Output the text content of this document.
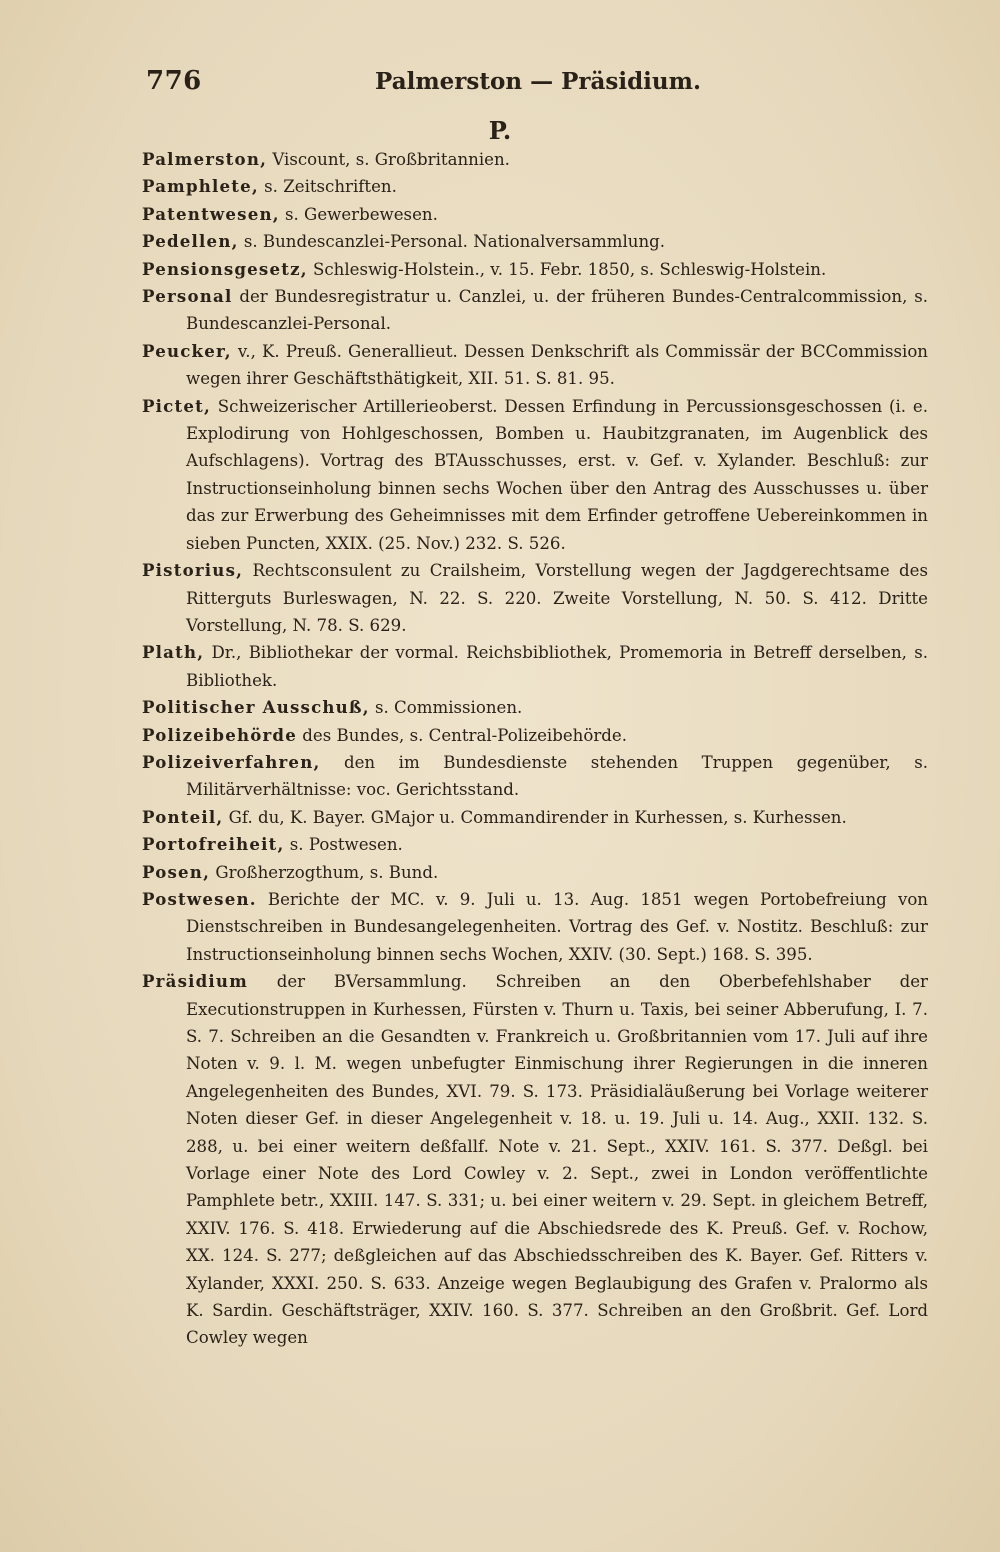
776	Palmerston — Präsidium.
P.

Palmerston, Viscount, s. Großbritannien.

Pamphlete, s. Zeitschriften.

Patentwesen, s. Gewerbewesen.

Pedellen, s. Bundescanzlei-Personal. Nationalversammlung.

Pensionsgesetz, Schleswig-Holstein., v. 15. Febr. 1850, s. Schleswig-Holstein.

Personal der Bundesregistratur u. Canzlei, u. der früheren Bundes-Centralcommission, s. Bundescanzlei-Personal.

Peucker, v., K. Preuß. Generallieut. Dessen Denkschrift als Commissär der BCCommission wegen ihrer Geschäftsthätigkeit, XII. 51. S. 81. 95.

Pictet, Schweizerischer Artillerieoberst. Dessen Erfindung in Percussionsgeschossen (i. e. Explodirung von Hohlgeschossen, Bomben u. Haubitzgranaten, im Augenblick des Aufschlagens). Vortrag des BTAusschusses, erst. v. Gef. v. Xylander. Beschluß: zur Instructionseinholung binnen sechs Wochen über den Antrag des Ausschusses u. über das zur Erwerbung des Geheimnisses mit dem Erfinder getroffene Uebereinkommen in sieben Puncten, XXIX. (25. Nov.) 232. S. 526.

Pistorius, Rechtsconsulent zu Crailsheim, Vorstellung wegen der Jagdgerechtsame des Ritterguts Burleswagen, N. 22. S. 220. Zweite Vorstellung, N. 50. S. 412. Dritte Vorstellung, N. 78. S. 629.

Plath, Dr., Bibliothekar der vormal. Reichsbibliothek, Promemoria in Betreff derselben, s. Bibliothek.

Politischer Ausschuß, s. Commissionen.

Polizeibehörde des Bundes, s. Central-Polizeibehörde.

Polizeiverfahren, den im Bundesdienste stehenden Truppen gegenüber, s. Militärverhältnisse: voc. Gerichtsstand.

Ponteil, Gf. du, K. Bayer. GMajor u. Commandirender in Kurhessen, s. Kurhessen.

Portofreiheit, s. Postwesen.

Posen, Großherzogthum, s. Bund.

Postwesen. Berichte der MC. v. 9. Juli u. 13. Aug. 1851 wegen Portobefreiung von Dienstschreiben in Bundesangelegenheiten. Vortrag des Gef. v. Nostitz. Beschluß: zur Instructionseinholung binnen sechs Wochen, XXIV. (30. Sept.) 168. S. 395.

Präsidium der BVersammlung. Schreiben an den Oberbefehlshaber der Executionstruppen in Kurhessen, Fürsten v. Thurn u. Taxis, bei seiner Abberufung, I. 7. S. 7. Schreiben an die Gesandten v. Frankreich u. Großbritannien vom 17. Juli auf ihre Noten v. 9. l. M. wegen unbefugter Einmischung ihrer Regierungen in die inneren Angelegenheiten des Bundes, XVI. 79. S. 173. Präsidialäußerung bei Vorlage weiterer Noten dieser Gef. in dieser Angelegenheit v. 18. u. 19. Juli u. 14. Aug., XXII. 132. S. 288, u. bei einer weitern deßfallf. Note v. 21. Sept., XXIV. 161. S. 377. Deßgl. bei Vorlage einer Note des Lord Cowley v. 2. Sept., zwei in London veröffentlichte Pamphlete betr., XXIII. 147. S. 331; u. bei einer weitern v. 29. Sept. in gleichem Betreff, XXIV. 176. S. 418. Erwiederung auf die Abschiedsrede des K. Preuß. Gef. v. Rochow, XX. 124. S. 277; deßgleichen auf das Abschiedsschreiben des K. Bayer. Gef. Ritters v. Xylander, XXXI. 250. S. 633. Anzeige wegen Beglaubigung des Grafen v. Pralormo als K. Sardin. Geschäftsträger, XXIV. 160. S. 377. Schreiben an den Großbrit. Gef. Lord Cowley wegen
